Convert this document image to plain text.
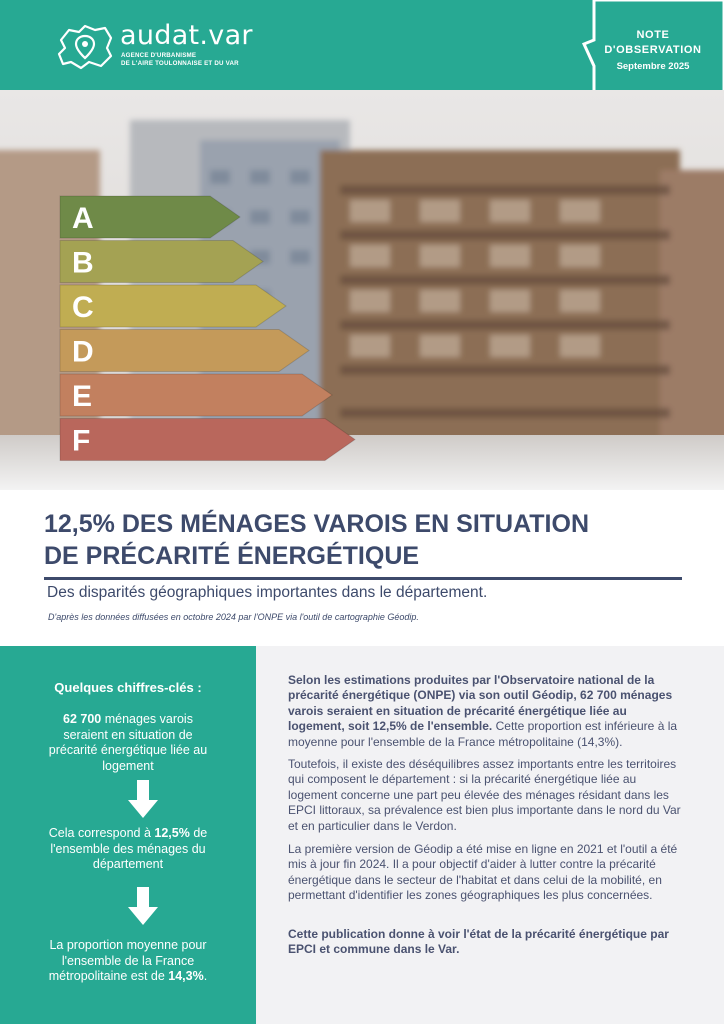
audat.var
AGENCE D'URBANISME
DE L'AIRE TOULONNAISE ET DU VAR
NOTE
D'OBSERVATION
Septembre 2025
A
B
C
D
E
F
12,5% DES MÉNAGES VAROIS EN SITUATION
DE PRÉCARITÉ ÉNERGÉTIQUE
Des disparités géographiques importantes dans le département.
D'après les données diffusées en octobre 2024 par l'ONPE via l'outil de cartographie Géodip.
Quelques chiffres-clés :
62 700 ménages varois seraient en situation de précarité énergétique liée au logement
Cela correspond à 12,5% de l'ensemble des ménages du département
La proportion moyenne pour l'ensemble de la France métropolitaine est de 14,3%.
Selon les estimations produites par l'Observatoire national de la précarité énergétique (ONPE) via son outil Géodip, 62 700 ménages varois seraient en situation de précarité énergétique liée au logement, soit 12,5% de l'ensemble. Cette proportion est inférieure à la moyenne pour l'ensemble de la France métropolitaine (14,3%).
Toutefois, il existe des déséquilibres assez importants entre les territoires qui composent le département : si la précarité énergétique liée au logement concerne une part peu élevée des ménages résidant dans les EPCI littoraux, sa prévalence est bien plus importante dans le nord du Var et en particulier dans le Verdon.
La première version de Géodip a été mise en ligne en 2021 et l'outil a été mis à jour fin 2024. Il a pour objectif d'aider à lutter contre la précarité énergétique dans le secteur de l'habitat et dans celui de la mobilité, en permettant d'identifier les zones géographiques les plus concernées.
Cette publication donne à voir l'état de la précarité énergétique par EPCI et commune dans le Var.
